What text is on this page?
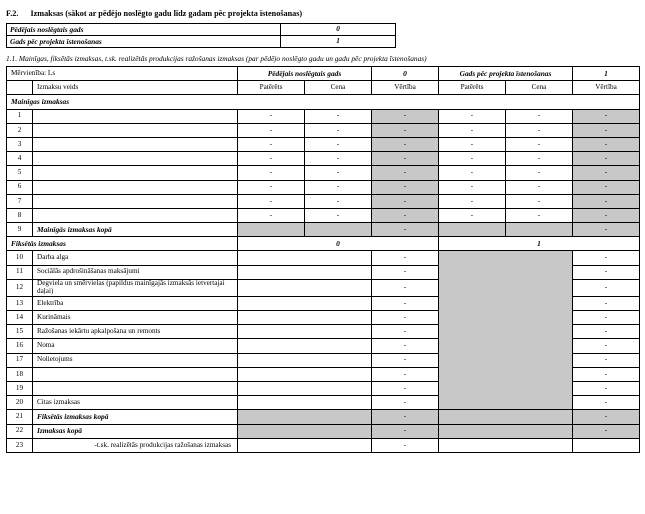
F.2. Izmaksas (sākot ar pēdējo noslēgto gadu līdz gadam pēc projekta īstenošanas)
Pēdējais noslēgtais gads	0
Gads pēc projekta īstenošanas	1
1.1. Mainīgas, fiksētās izmaksas, t.sk. realizētās produkcijas ražošanas izmaksas (par pēdējo noslēgto gadu un gadu pēc projekta īstenošanas)
Mērvienība: Ls		Pēdējais noslēgtais gads		0	Gads pēc projekta īstenošanas		1
	Izmaksu veids	Patērēts	Cena	Vērtība	Patērēts	Cena	Vērtība
Mainīgas izmaksas							
1		-	-	-	-	-	-
2		-	-	-	-	-	-
3		-	-	-	-	-	-
4		-	-	-	-	-	-
5		-	-	-	-	-	-
6		-	-	-	-	-	-
7		-	-	-	-	-	-
8		-	-	-	-	-	-
9	Mainīgās izmaksas kopā			-			-
Fiksētās izmaksas		0			1		
10	Darba alga			-			-
11	Sociālās apdrošināšanas maksājumi			-			-
12	Degviela un smērvielas (papildus mainīgajās izmaksās ietvertajai daļai)			-			-
13	Elektrība			-			-
14	Kurināmais			-			-
15	Ražošanas iekārtu apkalpošana un remonts			-			-
16	Noma			-			-
17	Nolietojums			-			-
18				-			-
19				-			-
20	Citas izmaksas			-			-
21	Fiksētās izmaksas kopā			-			-
22	Izmaksas kopā			-			-
23	-t.sk. realizētās produkcijas ražošanas izmaksas			-			
